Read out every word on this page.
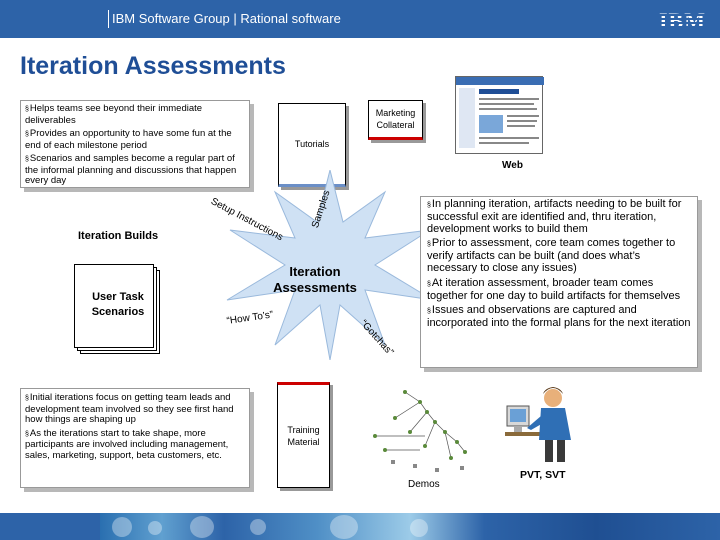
IBM Software Group | Rational software	IBM
Iteration Assessments

§Helps teams see beyond their immediate deliverables

§Provides an opportunity to have some fun at the end of each milestone period

§Scenarios and samples become a regular part of the informal planning and discussions that happen every day

Tutorials
Marketing Collateral
Web
Iteration Builds
User Task Scenarios
Iteration Assessments
Setup Instructions	Samples
“How To’s”	“Gotchas”

§In planning iteration, artifacts needing to be built for successful exit are identified and, thru iteration, development works to build them

§Prior to assessment, core team comes together to verify artifacts can be built (and does what’s necessary to close any issues)

§At iteration assessment, broader team comes together for one day to build artifacts for themselves

§Issues and observations are captured and incorporated into the formal plans for the next iteration

§Initial iterations focus on getting team leads and development team involved so they see first hand how things are shaping up

§As the iterations start to take shape, more participants are involved including management, sales, marketing, support, beta customers, etc.

Training Material
Demos
PVT, SVT
